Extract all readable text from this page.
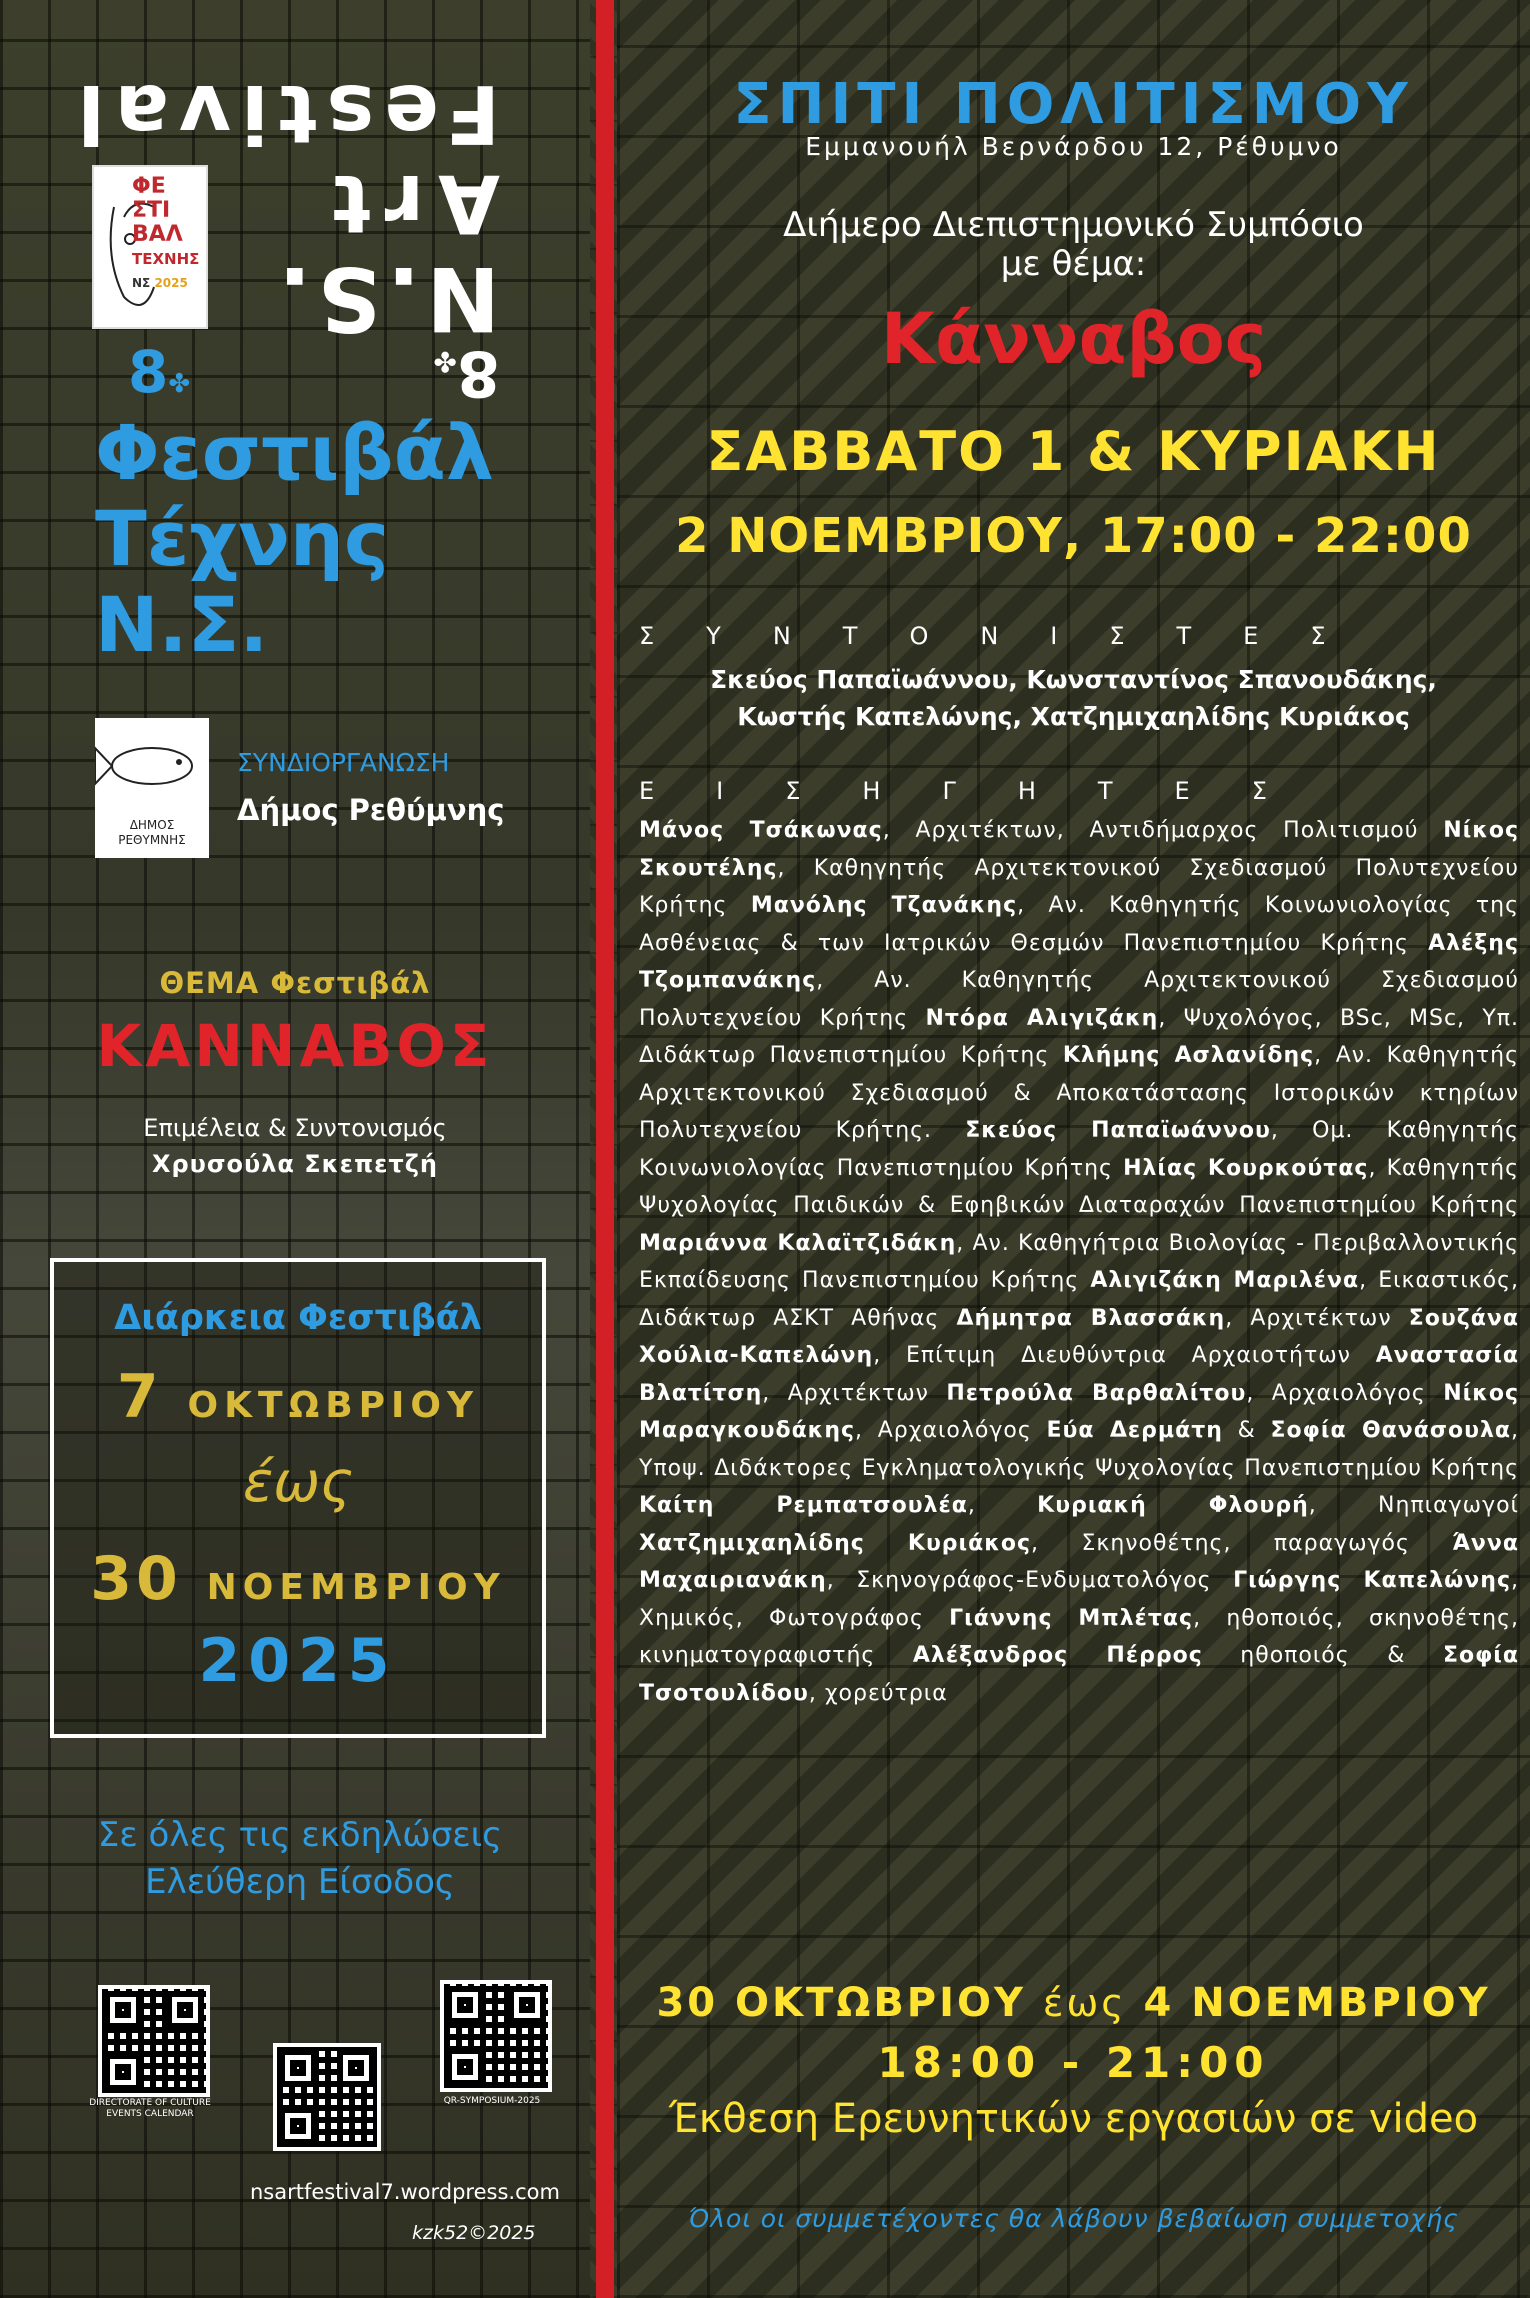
8✤
N.S.
Art
Festival
ΦΕ
ΣΤΙ
ΒΑΛ
ΤΕΧΝΗΣ
ΝΣ 2025
8✤
Φεστιβάλ
Τέχνης
Ν.Σ.
ΔΗΜΟΣ
ΡΕΘΥΜΝΗΣ
ΣΥΝΔΙΟΡΓΑΝΩΣΗ
Δήμος Ρεθύμνης
ΘΕΜΑ Φεστιβάλ
ΚΑΝΝΑΒΟΣ
Επιμέλεια & Συντονισμός
Χρυσούλα Σκεπετζή
Διάρκεια Φεστιβάλ
7 ΟΚΤΩΒΡΙΟΥ
έως
30 ΝΟΕΜΒΡΙΟΥ
2025
Σε όλες τις εκδηλώσεις
Ελεύθερη Είσοδος
DIRECTORATE OF CULTURE EVENTS CALENDAR
QR-SYMPOSIUM-2025
nsartfestival7.wordpress.com
kzk52©2025
ΣΠΙΤΙ ΠΟΛΙΤΙΣΜΟΥ
Εμμανουήλ Βερνάρδου 12, Ρέθυμνο
Διήμερο Διεπιστημονικό Συμπόσιο
με θέμα:
Κάνναβος
ΣΑΒΒΑΤΟ 1 & ΚΥΡΙΑΚΗ
2 ΝΟΕΜΒΡΙΟΥ, 17:00 - 22:00
ΣΥΝΤΟΝΙΣΤΕΣ
Σκεύος Παπαϊωάννου, Κωνσταντίνος Σπανουδάκης,
Κωστής Καπελώνης, Χατζημιχαηλίδης Κυριάκος
ΕΙΣΗΓΗΤΕΣ
Μάνος Τσάκωνας, Αρχιτέκτων, Αντιδήμαρχος Πολιτισμού Νίκος Σκουτέλης, Καθηγητής Αρχιτεκτονικού Σχεδιασμού Πολυτεχνείου Κρήτης Μανόλης Τζανάκης, Αν. Καθηγητής Κοινωνιολογίας της Ασθένειας & των Ιατρικών Θεσμών Πανεπιστημίου Κρήτης Αλέξης Τζομπανάκης, Αν. Καθηγητής Αρχιτεκτονικού Σχεδιασμού Πολυτεχνείου Κρήτης Ντόρα Αλιγιζάκη, Ψυχολόγος, BSc, MSc, Υπ. Διδάκτωρ Πανεπιστημίου Κρήτης Κλήμης Ασλανίδης, Αν. Καθηγητής Αρχιτεκτονικού Σχεδιασμού & Αποκατάστασης Ιστορικών κτηρίων Πολυτεχνείου Κρήτης. Σκεύος Παπαϊωάννου, Ομ. Καθηγητής Κοινωνιολογίας Πανεπιστημίου Κρήτης Ηλίας Κουρκούτας, Καθηγητής Ψυχολογίας Παιδικών & Εφηβικών Διαταραχών Πανεπιστημίου Κρήτης Μαριάννα Καλαϊτζιδάκη, Αν. Καθηγήτρια Βιολογίας - Περιβαλλοντικής Εκπαίδευσης Πανεπιστημίου Κρήτης Αλιγιζάκη Μαριλένα, Εικαστικός, Διδάκτωρ ΑΣΚΤ Αθήνας Δήμητρα Βλασσάκη, Αρχιτέκτων Σουζάνα Χούλια-Καπελώνη, Επίτιμη Διευθύντρια Αρχαιοτήτων Αναστασία Βλατίτση, Αρχιτέκτων Πετρούλα Βαρθαλίτου, Αρχαιολόγος Νίκος Μαραγκουδάκης, Αρχαιολόγος Εύα Δερμάτη & Σοφία Θανάσουλα, Υποψ. Διδάκτορες Εγκληματολογικής Ψυχολογίας Πανεπιστημίου Κρήτης Καίτη Ρεμπατσουλέα, Κυριακή Φλουρή, Νηπιαγωγοί Χατζημιχαηλίδης Κυριάκος, Σκηνοθέτης, παραγωγός Άννα Μαχαιριανάκη, Σκηνογράφος-Ενδυματολόγος Γιώργης Καπελώνης, Χημικός, Φωτογράφος Γιάννης Μπλέτας, ηθοποιός, σκηνοθέτης, κινηματογραφιστής Αλέξανδρος Πέρρος ηθοποιός & Σοφία Τσοτουλίδου, χορεύτρια
30 ΟΚΤΩΒΡΙΟΥ έως 4 ΝΟΕΜΒΡΙΟΥ
18:00 - 21:00
Έκθεση Ερευνητικών εργασιών σε video
Όλοι οι συμμετέχοντες θα λάβουν βεβαίωση συμμετοχής
